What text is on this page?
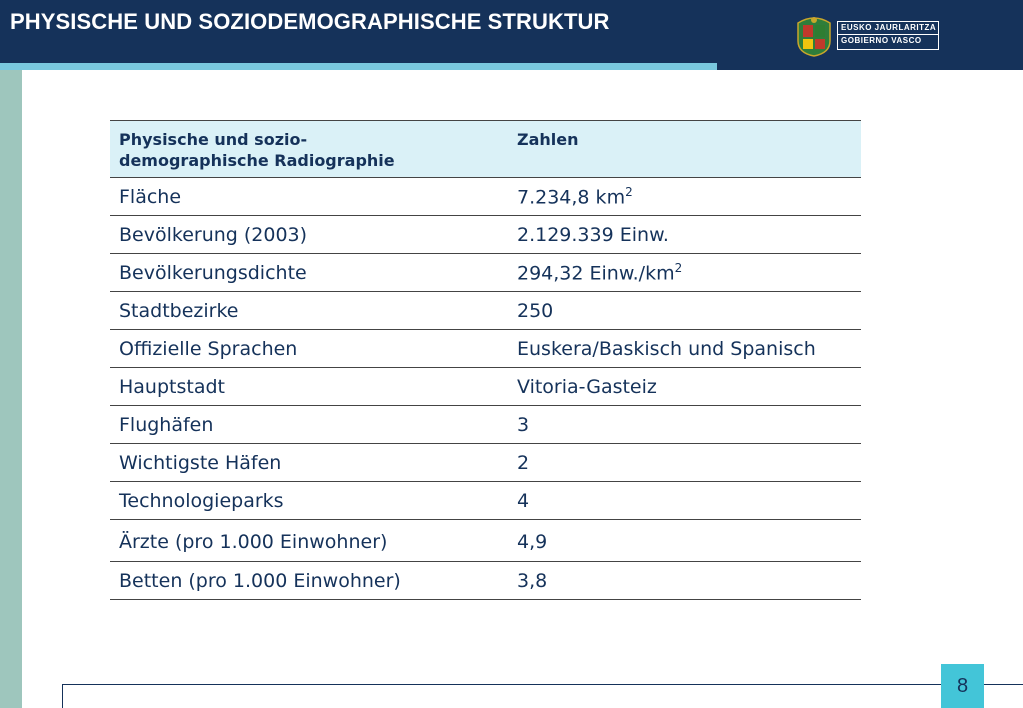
PHYSISCHE UND SOZIODEMOGRAPHISCHE STRUKTUR	EUSKO JAURLARITZA
GOBIERNO VASCO
Physische und sozio-
demographische Radiographie	Zahlen
Fläche	7.234,8 $km^2$
Bevölkerung (2003)	2.129.339 Einw.
Bevölkerungsdichte	294,32 $Einw./km^2$
Stadtbezirke	250
Offizielle Sprachen	Euskera/Baskisch und Spanisch
Hauptstadt	Vitoria-Gasteiz
Flughäfen	3
Wichtigste Häfen	2
Technologieparks	4
Ärzte (pro 1.000 Einwohner)	4,9
Betten (pro 1.000 Einwohner)	3,8
8
